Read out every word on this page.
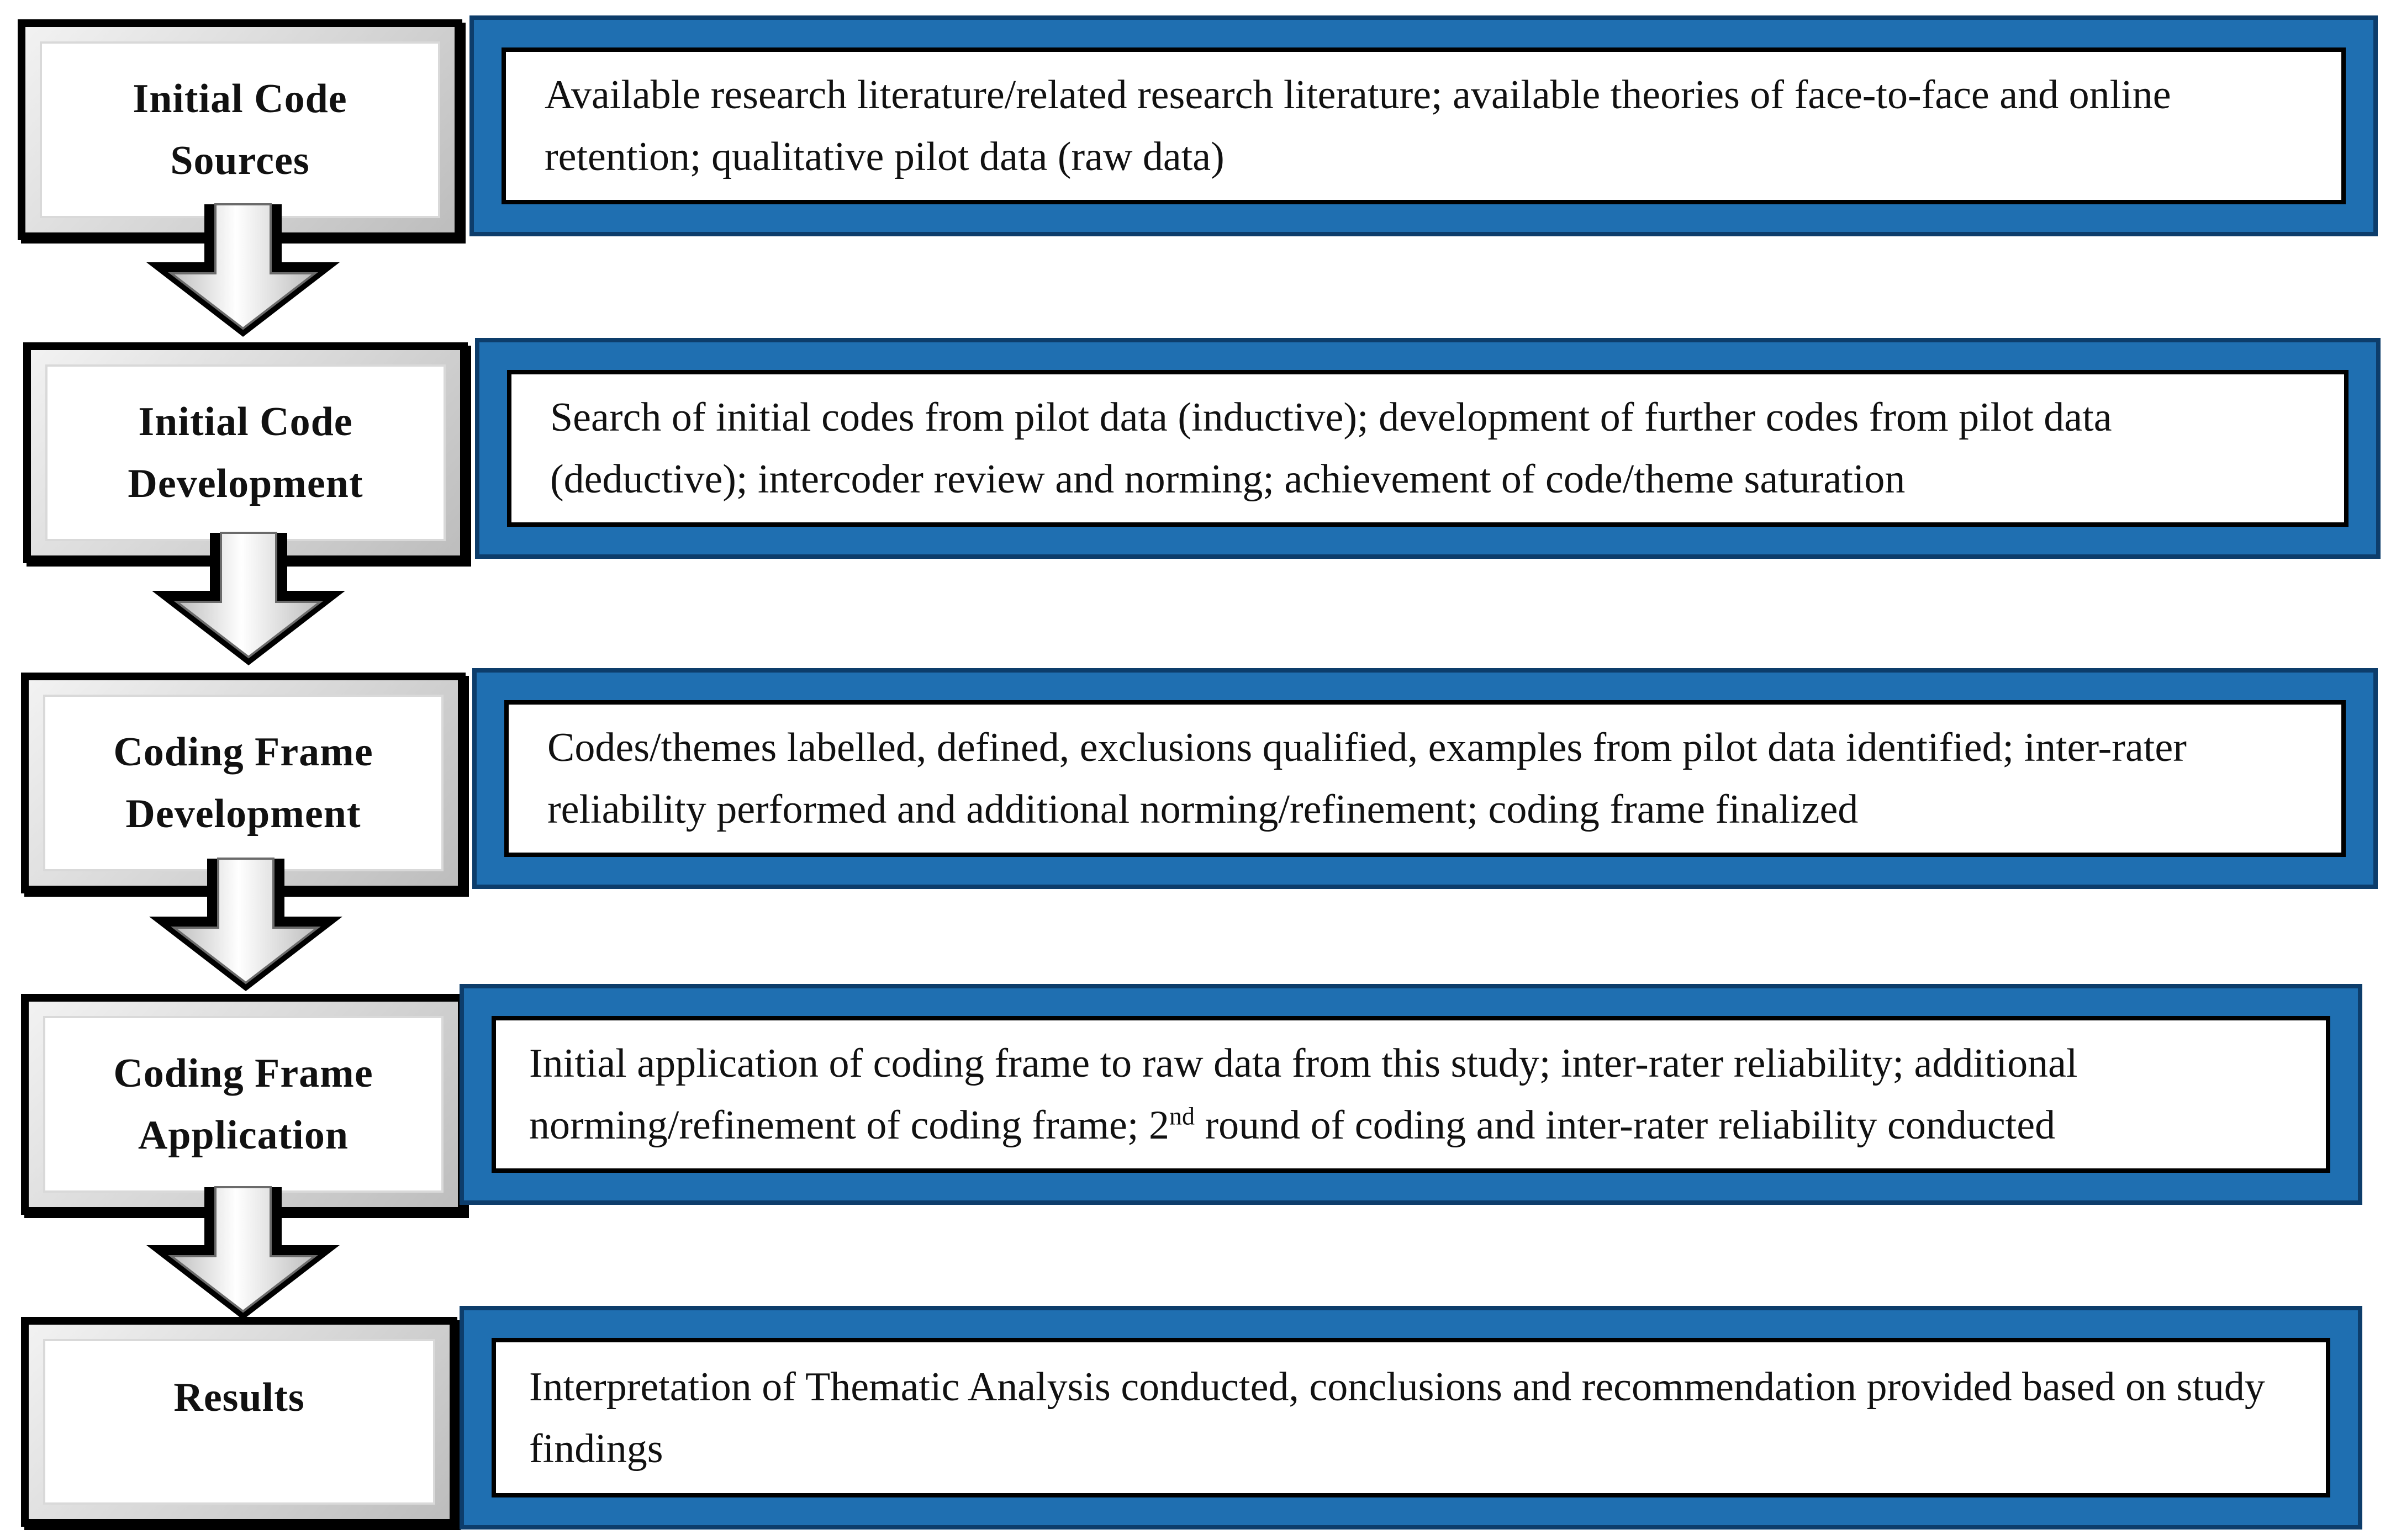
Initial Code
Sources
Available research literature/related research literature; available theories of face-to-face and online retention; qualitative pilot data (raw data)
Initial Code
Development
Search of initial codes from pilot data (inductive); development of further codes from pilot data (deductive); intercoder review and norming; achievement of code/theme saturation
Coding Frame
Development
Codes/themes labelled, defined, exclusions qualified, examples from pilot data identified; inter-rater reliability performed and additional norming/refinement; coding frame finalized
Coding Frame
Application
Initial application of coding frame to raw data from this study; inter-rater reliability; additional norming/refinement of coding frame; 2nd round of coding and inter-rater reliability conducted
Results	Interpretation of Thematic Analysis conducted, conclusions and recommendation provided based on study findings
